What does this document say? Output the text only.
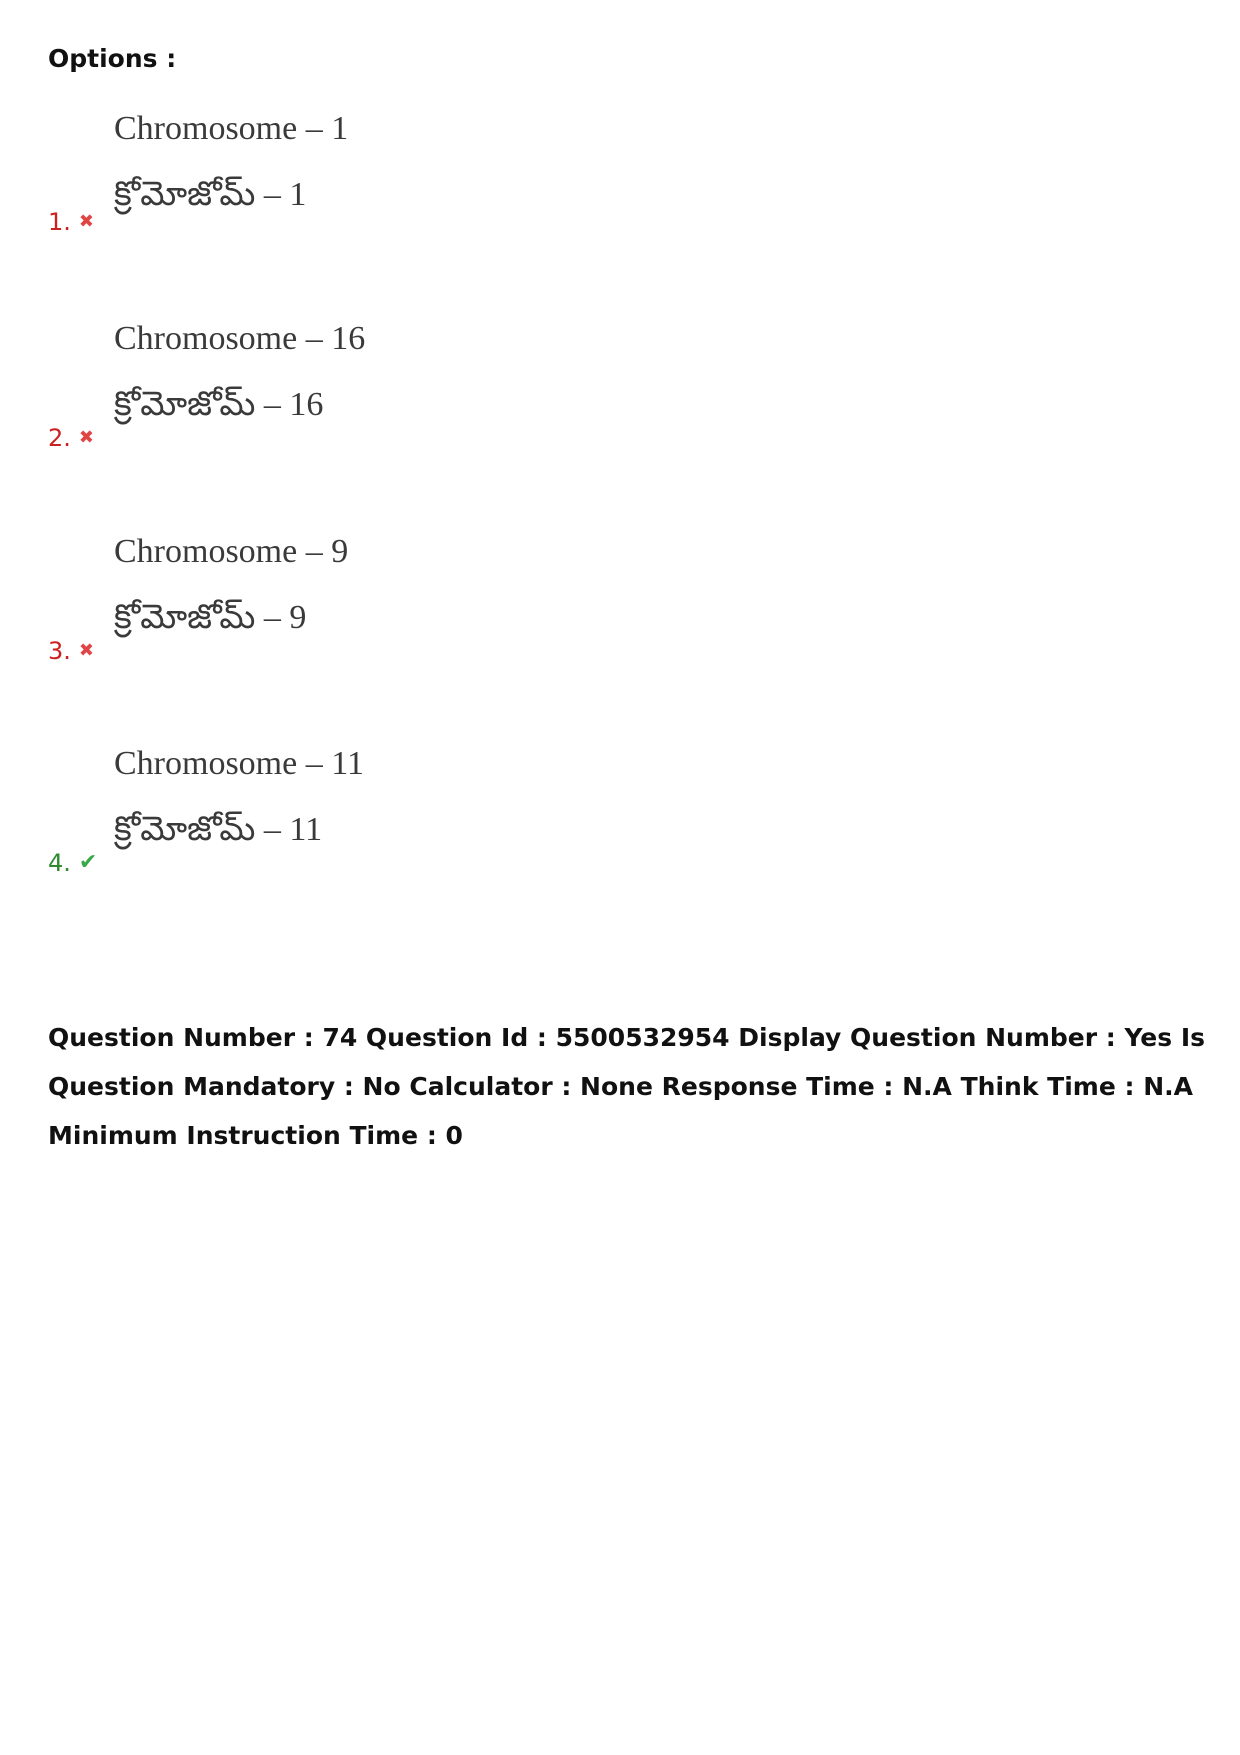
Options :
Chromosome – 1
క్రోమోజోమ్ – 1
1. ✖
Chromosome – 16
క్రోమోజోమ్ – 16
2. ✖
Chromosome – 9
క్రోమోజోమ్ – 9
3. ✖
Chromosome – 11
క్రోమోజోమ్ – 11
4. ✔
Question Number : 74 Question Id : 5500532954 Display Question Number : Yes Is Question Mandatory : No Calculator : None Response Time : N.A Think Time : N.A Minimum Instruction Time : 0
